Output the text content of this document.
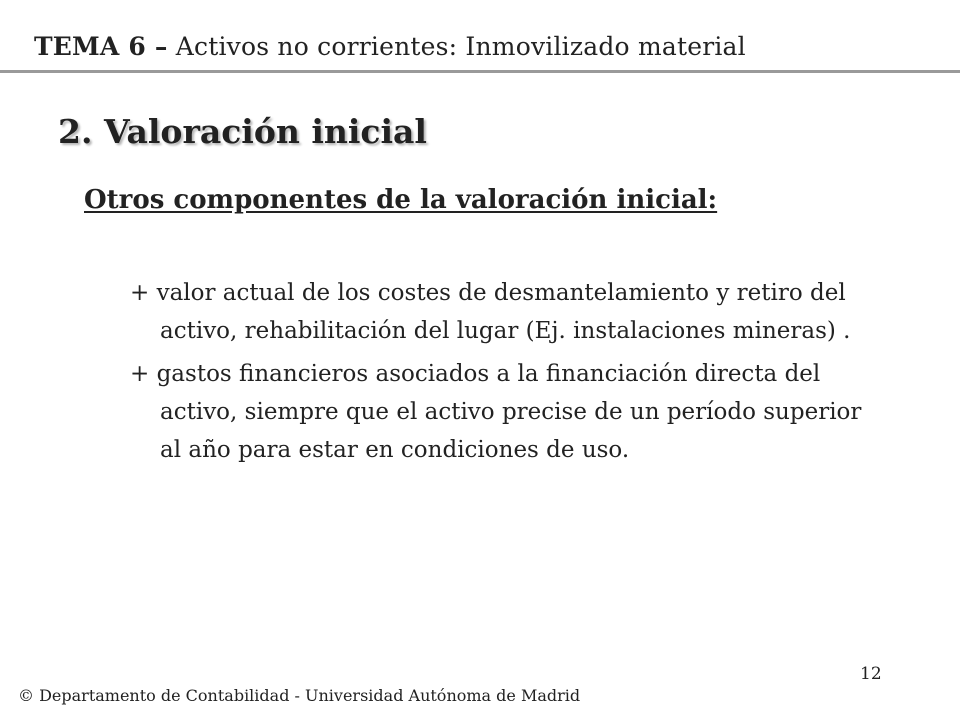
TEMA 6 – Activos no corrientes: Inmovilizado material
2. Valoración inicial
Otros componentes de la valoración inicial:
+ valor actual de los costes de desmantelamiento y retiro del activo, rehabilitación del lugar (Ej. instalaciones mineras) .
+ gastos financieros asociados a la financiación directa del activo, siempre que el activo precise de un período superior al año para estar en condiciones de uso.
12
© Departamento de Contabilidad - Universidad Autónoma de Madrid
